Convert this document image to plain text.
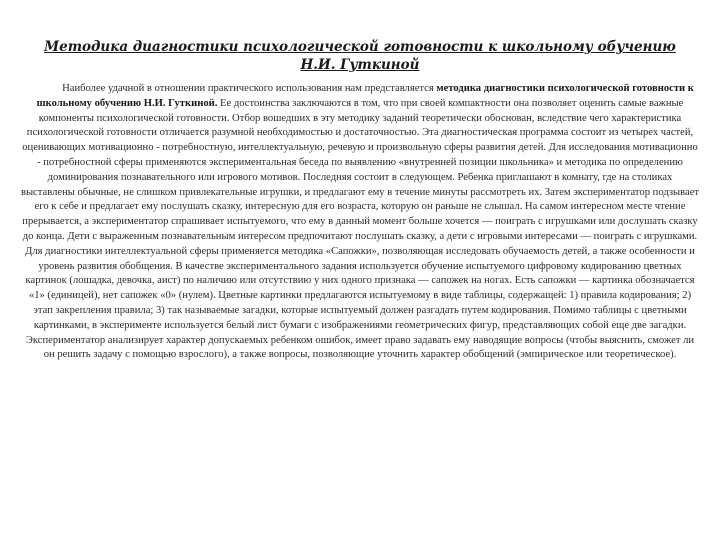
Методика диагностики психологической готовности к школьному обучению
Н.И. Гуткиной

Наиболее удачной в отношении практического использования нам представляется методика диагностики психологической готовности к школьному обучению Н.И. Гуткиной. Ее достоинства заключаются в том, что при своей компактности она позволяет оценить самые важные компоненты психологической готовности. Отбор вошедших в эту методику заданий теоретически обоснован, вследствие чего характеристика психологической готовности отличается разумной необходимостью и достаточностью. Эта диагностическая программа состоит из четырех частей, оценивающих мотивационно - потребностную, интеллектуальную, речевую и произвольную сферы развития детей. Для исследования мотивационно - потребностной сферы применяются экспериментальная беседа по выявлению «внутренней позиции школьника» и методика по определению доминирования познавательного или игрового мотивов. Последняя состоит в следующем. Ребенка приглашают в комнату, где на столиках выставлены обычные, не слишком привлекательные игрушки, и предлагают ему в течение минуты рассмотреть их. Затем экспериментатор подзывает его к себе и предлагает ему послушать сказку, интересную для его возраста, которую он раньше не слышал. На самом интересном месте чтение прерывается, а экспериментатор спрашивает испытуемого, что ему в данный момент больше хочется — поиграть с игрушками или дослушать сказку до конца. Дети с выраженным познавательным интересом предпочитают послушать сказку, а дети с игровыми интересами — поиграть с игрушками. Для диагностики интеллектуальной сферы применяется методика «Сапожки», позволяющая исследовать обучаемость детей, а также особенности и уровень развития обобщения. В качестве экспериментального задания используется обучение испытуемого цифровому кодированию цветных картинок (лошадка, девочка, аист) по наличию или отсутствию у них одного признака — сапожек на ногах. Есть сапожки — картинка обозначается «1» (единицей), нет сапожек «0» (нулем). Цветные картинки предлагаются испытуемому в виде таблицы, содержащей: 1) правила кодирования; 2) этап закрепления правила; 3) так называемые загадки, которые испытуемый должен разгадать путем кодирования. Помимо таблицы с цветными картинками, в эксперименте используется белый лист бумаги с изображениями геометрических фигур, представляющих собой еще две загадки. Экспериментатор анализирует характер допускаемых ребенком ошибок, имеет право задавать ему наводящие вопросы (чтобы выяснить, сможет ли он решить задачу с помощью взрослого), а также вопросы, позволяющие уточнить характер обобщений (эмпирическое или теоретическое).
